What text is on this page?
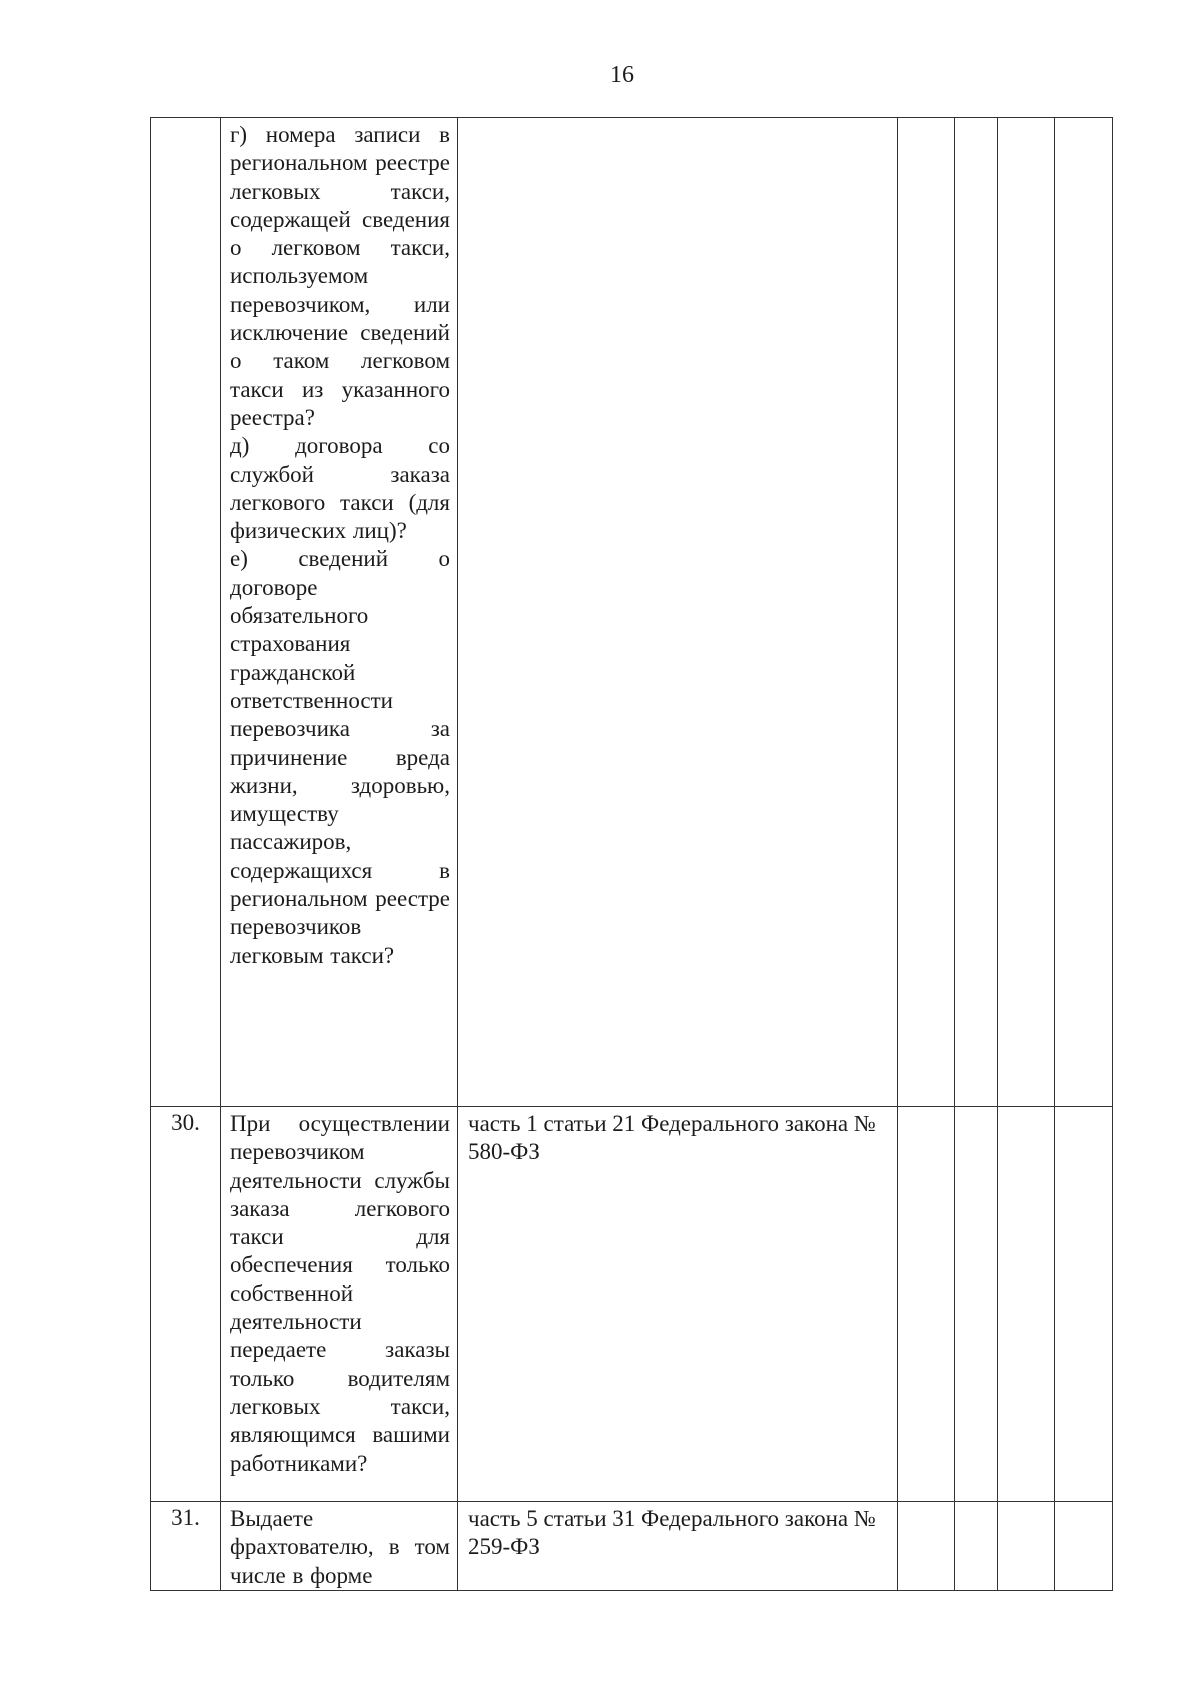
16

	г) номера записи в региональном реестре легковых такси, содержащей сведения о легковом такси, используемом перевозчиком, или исключение сведений о таком легковом такси из указанного реестра?
д) договора со службой заказа легкового такси (для физических лиц)?
е) сведений о договоре обязательного страхования гражданской ответственности перевозчика за причинение вреда жизни, здоровью, имуществу пассажиров, содержащихся в региональном реестре перевозчиков легковым такси?					

30.	При осуществлении перевозчиком деятельности службы заказа легкового такси для обеспечения только собственной деятельности передаете заказы только водителям легковых такси, являющимся вашими работниками?	часть 1 статьи 21 Федерального закона № 580-ФЗ				
31.	Выдаете фрахтователю, в том числе в форме	часть 5 статьи 31 Федерального закона № 259-ФЗ				
